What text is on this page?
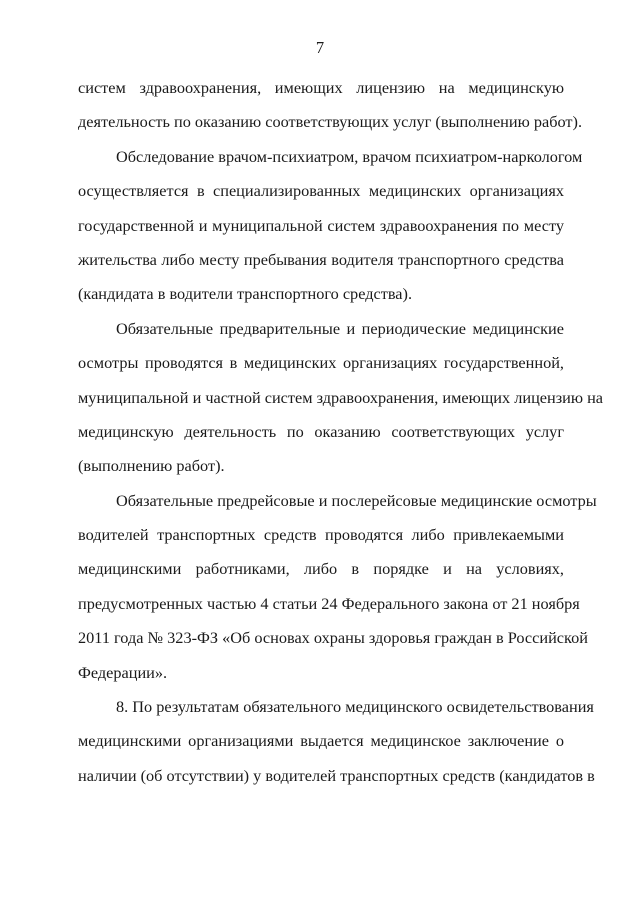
7
систем здравоохранения, имеющих лицензию на медицинскую
деятельность по оказанию соответствующих услуг (выполнению работ).
Обследование врачом-психиатром, врачом психиатром-наркологом
осуществляется в специализированных медицинских организациях
государственной и муниципальной систем здравоохранения по месту
жительства либо месту пребывания водителя транспортного средства
(кандидата в водители транспортного средства).
Обязательные предварительные и периодические медицинские
осмотры проводятся в медицинских организациях государственной,
муниципальной и частной систем здравоохранения, имеющих лицензию на
медицинскую деятельность по оказанию соответствующих услуг
(выполнению работ).
Обязательные предрейсовые и послерейсовые медицинские осмотры
водителей транспортных средств проводятся либо привлекаемыми
медицинскими работниками, либо в порядке и на условиях,
предусмотренных частью 4 статьи 24 Федерального закона от 21 ноября
2011 года № 323-ФЗ «Об основах охраны здоровья граждан в Российской
Федерации».
8. По результатам обязательного медицинского освидетельствования
медицинскими организациями выдается медицинское заключение о
наличии (об отсутствии) у водителей транспортных средств (кандидатов в
